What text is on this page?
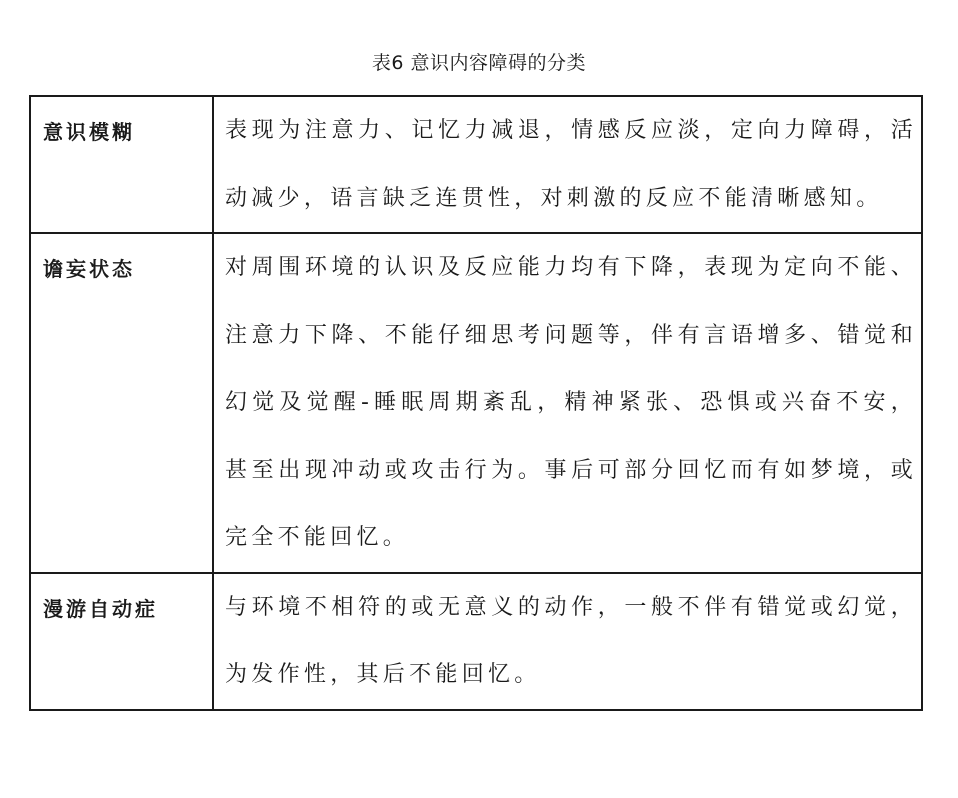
表6 意识内容障碍的分类
意识模糊	表现为注意力、记忆力减退，情感反应淡，定向力障碍，活动减少，语言缺乏连贯性，对刺激的反应不能清晰感知。
谵妄状态	对周围环境的认识及反应能力均有下降，表现为定向不能、注意力下降、不能仔细思考问题等，伴有言语增多、错觉和幻觉及觉醒-睡眠周期紊乱，精神紧张、恐惧或兴奋不安，甚至出现冲动或攻击行为。事后可部分回忆而有如梦境，或完全不能回忆。
漫游自动症	与环境不相符的或无意义的动作，一般不伴有错觉或幻觉，为发作性，其后不能回忆。
